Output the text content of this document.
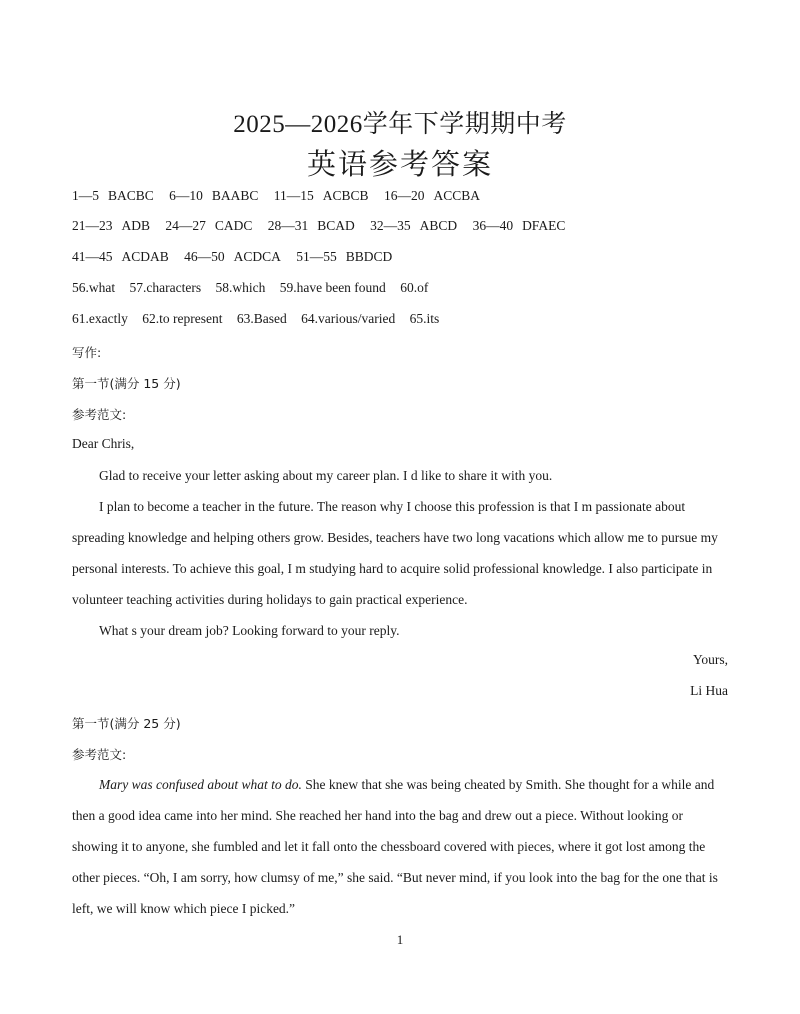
2025—2026学年下学期期中考
英语参考答案
1—5 BACBC 6—10 BAABC 11—15 ACBCB 16—20 ACCBA
21—23 ADB 24—27 CADC 28—31 BCAD 32—35 ABCD 36—40 DFAEC
41—45 ACDAB 46—50 ACDCA 51—55 BBDCD
56.what 57.characters 58.which 59.have been found 60.of
61.exactly 62.to represent 63.Based 64.various/varied 65.its
写作:
第一节(满分 15 分)
参考范文:
Dear Chris,
Glad to receive your letter asking about my career plan. I d like to share it with you.
I plan to become a teacher in the future. The reason why I choose this profession is that I m passionate about spreading knowledge and helping others grow. Besides, teachers have two long vacations which allow me to pursue my personal interests. To achieve this goal, I m studying hard to acquire solid professional knowledge. I also participate in volunteer teaching activities during holidays to gain practical experience.
What s your dream job? Looking forward to your reply.
Yours,
Li Hua
第一节(满分 25 分)
参考范文:
Mary was confused about what to do. She knew that she was being cheated by Smith. She thought for a while and then a good idea came into her mind. She reached her hand into the bag and drew out a piece. Without looking or showing it to anyone, she fumbled and let it fall onto the chessboard covered with pieces, where it got lost among the other pieces. “Oh, I am sorry, how clumsy of me,” she said. “But never mind, if you look into the bag for the one that is left, we will know which piece I picked.”
1
